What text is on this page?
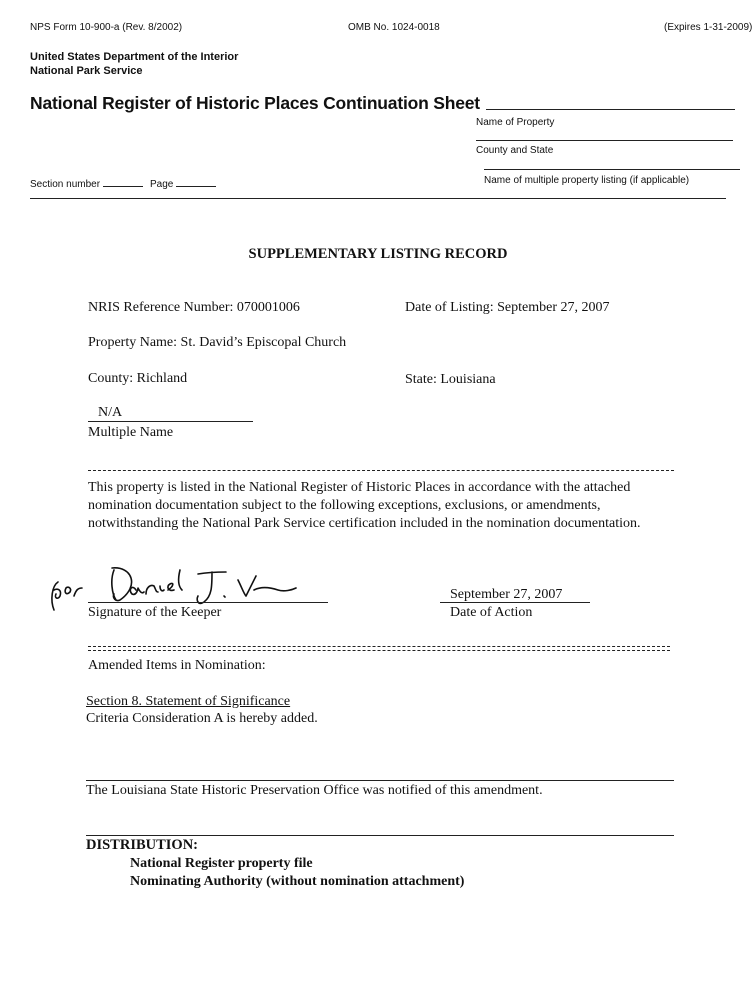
NPS Form 10-900-a (Rev. 8/2002)	OMB No. 1024-0018	(Expires 1-31-2009)
United States Department of the Interior
National Park Service
National Register of Historic Places Continuation Sheet
Name of Property
County and State
Name of multiple property listing (if applicable)
Section number	Page
SUPPLEMENTARY LISTING RECORD
NRIS Reference Number: 070001006	Date of Listing: September 27, 2007
Property Name: St. David’s Episcopal Church
County: Richland	State: Louisiana
N/A
Multiple Name
This property is listed in the National Register of Historic Places in accordance with the attached nomination documentation subject to the following exceptions, exclusions, or amendments, notwithstanding the National Park Service certification included in the nomination documentation.
Signature of the Keeper
September 27, 2007
Date of Action
Amended Items in Nomination:
Section 8. Statement of Significance
Criteria Consideration A is hereby added.
The Louisiana State Historic Preservation Office was notified of this amendment.
DISTRIBUTION:
National Register property file
Nominating Authority (without nomination attachment)
